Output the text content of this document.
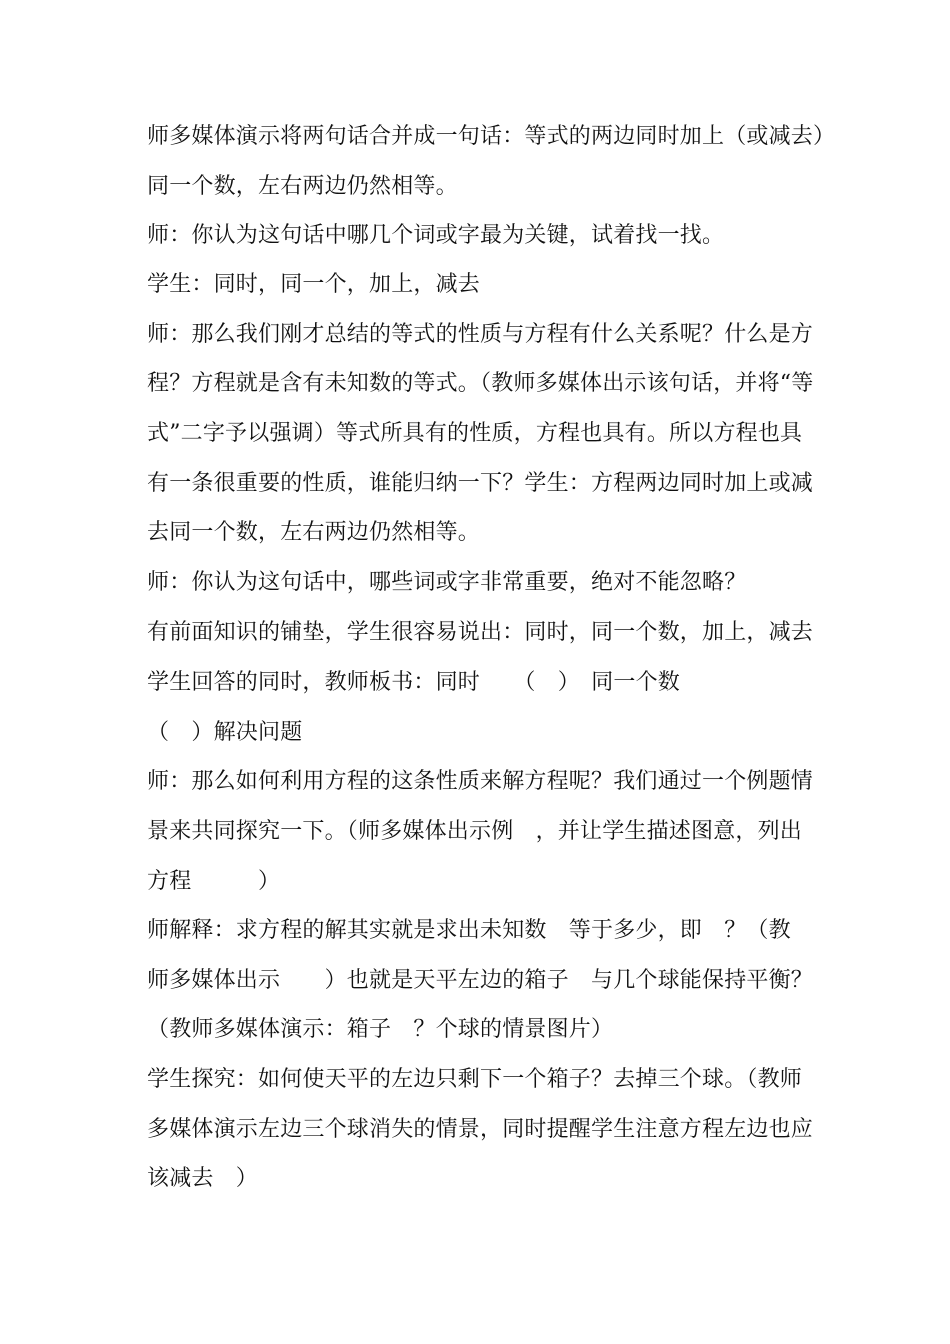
师多媒体演示将两句话合并成一句话：等式的两边同时加上（或减去）
同一个数，左右两边仍然相等。
师：你认为这句话中哪几个词或字最为关键，试着找一找。
学生：同时，同一个，加上，减去
师：那么我们刚才总结的等式的性质与方程有什么关系呢？什么是方
程？方程就是含有未知数的等式。（教师多媒体出示该句话，并将“等
式”二字予以强调）等式所具有的性质，方程也具有。所以方程也具
有一条很重要的性质，谁能归纳一下？学生：方程两边同时加上或减
去同一个数，左右两边仍然相等。
师：你认为这句话中，哪些词或字非常重要，绝对不能忽略？
有前面知识的铺垫，学生很容易说出：同时，同一个数，加上，减去
学生回答的同时，教师板书：同时　　（　）　同一个数
（　）解决问题
师：那么如何利用方程的这条性质来解方程呢？我们通过一个例题情
景来共同探究一下。（师多媒体出示例　，并让学生描述图意，列出
方程　　　）
师解释：求方程的解其实就是求出未知数　等于多少，即　？（教
师多媒体出示　　）也就是天平左边的箱子　与几个球能保持平衡？
（教师多媒体演示：箱子　？个球的情景图片）
学生探究：如何使天平的左边只剩下一个箱子？去掉三个球。（教师
多媒体演示左边三个球消失的情景，同时提醒学生注意方程左边也应
该减去　）
